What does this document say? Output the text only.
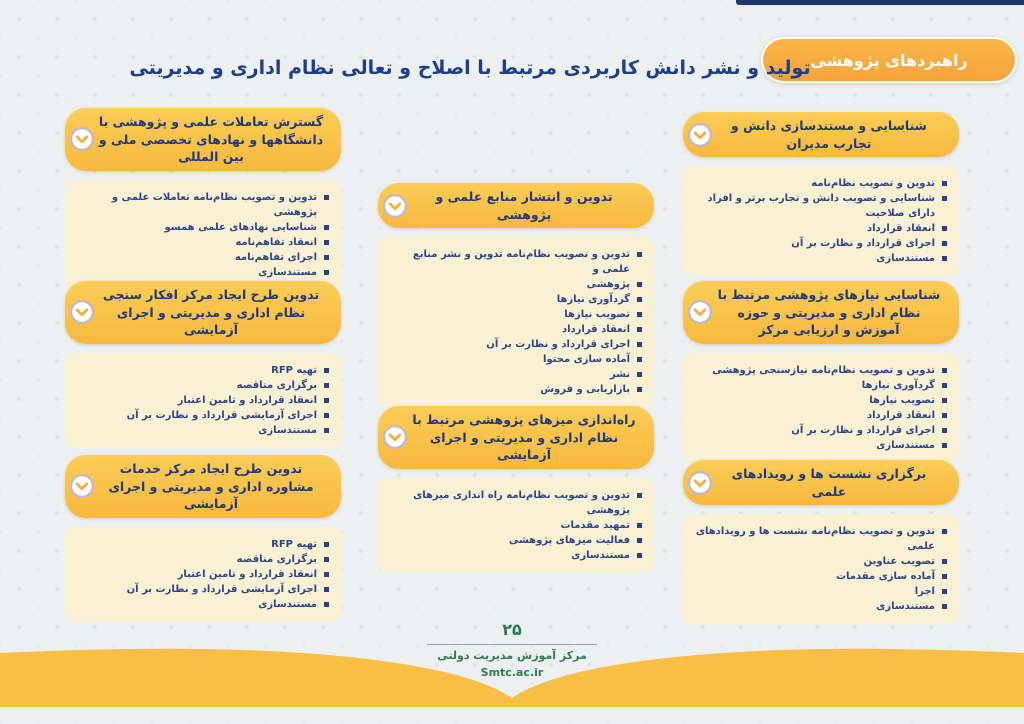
راهبردهای پژوهشی
تولید و نشر دانش کاربردی مرتبط با اصلاح و تعالی نظام اداری و مدیریتی
شناسایی و مستندسازی دانش و تجارب مدیران
تدوین و تصویب نظام‌نامه
شناسایی و تصویب دانش و تجارب برتر و افراد دارای صلاحیت
انعقاد قرارداد
اجرای قرارداد و نظارت بر آن
مستندسازی
شناسایی نیازهای پژوهشی مرتبط با نظام اداری و مدیریتی و حوزه آموزش و ارزیابی مرکز
تدوین و تصویب نظام‌نامه نیازسنجی پژوهشی
گردآوری نیازها
تصویب نیازها
انعقاد قرارداد
اجرای قرارداد و نظارت بر آن
مستندسازی
برگزاری نشست ها و رویدادهای علمی
تدوین و تصویب نظام‌نامه نشست ها و رویدادهای علمی
تصویب عناوین
آماده سازی مقدمات
اجرا
مستندسازی
تدوین و انتشار منابع علمی و پژوهشی
تدوین و تصویب نظام‌نامه تدوین و نشر منابع علمی و
پژوهشی
گردآوری نیازها
تصویب نیازها
انعقاد قرارداد
اجرای قرارداد و نظارت بر آن
آماده سازی محتوا
نشر
بازاریابی و فروش
راه‌اندازی میزهای پژوهشی مرتبط با نظام اداری و مدیریتی و اجرای آزمایشی
تدوین و تصویب نظام‌نامه راه اندازی میزهای پژوهشی
تمهید مقدمات
فعالیت میزهای پژوهشی
مستندسازی
گسترش تعاملات علمی و پژوهشی با دانشگاهها و نهادهای تخصصی ملی و بین المللی
تدوین و تصویب نظام‌نامه تعاملات علمی و پژوهشی
شناسایی نهادهای علمی همسو
انعقاد تفاهم‌نامه
اجرای تفاهم‌نامه
مستندسازی
تدوین طرح ایجاد مرکز افکار سنجی نظام اداری و مدیریتی و اجرای آزمایشی
تهیه RFP
برگزاری مناقصه
انعقاد قرارداد و تامین اعتبار
اجرای آزمایشی قرارداد و نظارت بر آن
مستندسازی
تدوین طرح ایجاد مرکز خدمات مشاوره اداری و مدیریتی و اجرای آزمایشی
تهیه RFP
برگزاری مناقصه
انعقاد قرارداد و تامین اعتبار
اجرای آزمایشی قرارداد و نظارت بر آن
مستندسازی
۲۵
مرکز آموزش مدیریت دولتی
Smtc.ac.ir
